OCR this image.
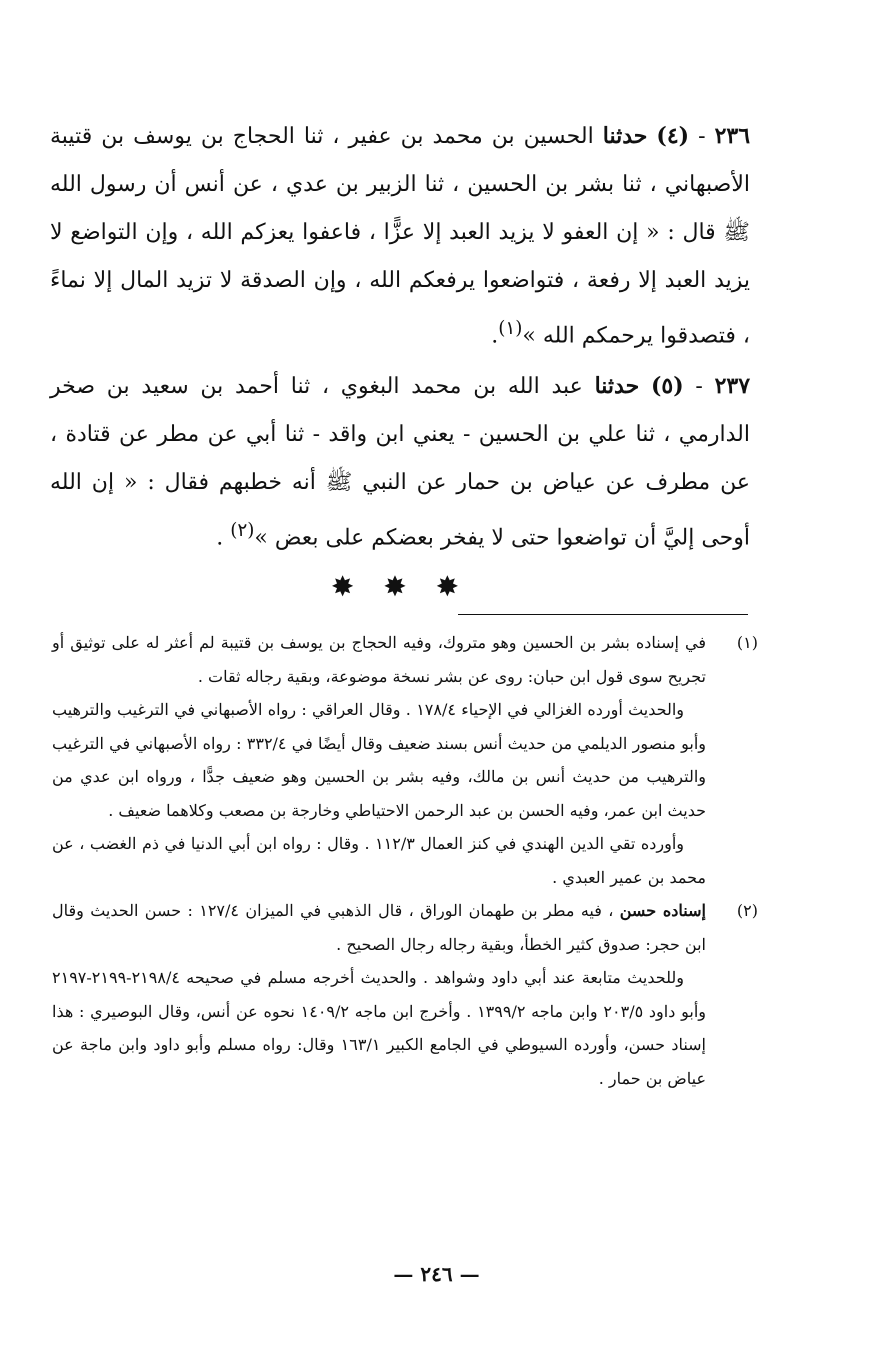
٢٣٦ - (٤) حدثنا الحسين بن محمد بن عفير ، ثنا الحجاج بن يوسف بن قتيبة الأصبهاني ، ثنا بشر بن الحسين ، ثنا الزبير بن عدي ، عن أنس أن رسول الله ﷺ قال : « إن العفو لا يزيد العبد إلا عزًّا ، فاعفوا يعزكم الله ، وإن التواضع لا يزيد العبد إلا رفعة ، فتواضعوا يرفعكم الله ، وإن الصدقة لا تزيد المال إلا نماءً ، فتصدقوا يرحمكم الله »$^{(١)}$.

٢٣٧ - (٥) حدثنا عبد الله بن محمد البغوي ، ثنا أحمد بن سعيد بن صخر الدارمي ، ثنا علي بن الحسين - يعني ابن واقد - ثنا أبي عن مطر عن قتادة ، عن مطرف عن عياض بن حمار عن النبي ﷺ أنه خطبهم فقال : « إن الله أوحى إليَّ أن تواضعوا حتى لا يفخر بعضكم على بعض »$^{(٢)}$ .

✸ ✸ ✸
(١)

في إسناده بشر بن الحسين وهو متروك، وفيه الحجاج بن يوسف بن قتيبة لم أعثر له على توثيق أو تجريح سوى قول ابن حبان: روى عن بشر نسخة موضوعة، وبقية رجاله ثقات .

والحديث أورده الغزالي في الإحياء ١٧٨/٤ . وقال العراقي : رواه الأصبهاني في الترغيب والترهيب وأبو منصور الديلمي من حديث أنس بسند ضعيف وقال أيضًا في ٣٣٢/٤ : رواه الأصبهاني في الترغيب والترهيب من حديث أنس بن مالك، وفيه بشر بن الحسين وهو ضعيف جدًّا ، ورواه ابن عدي من حديث ابن عمر، وفيه الحسن بن عبد الرحمن الاحتياطي وخارجة بن مصعب وكلاهما ضعيف .

وأورده تقي الدين الهندي في كنز العمال ١١٢/٣ . وقال : رواه ابن أبي الدنيا في ذم الغضب ، عن محمد بن عمير العبدي .

(٢)

إسناده حسن ، فيه مطر بن طهمان الوراق ، قال الذهبي في الميزان ١٢٧/٤ : حسن الحديث وقال ابن حجر: صدوق كثير الخطأ، وبقية رجاله رجال الصحيح .

وللحديث متابعة عند أبي داود وشواهد . والحديث أخرجه مسلم في صحيحه ٢١٩٨/٤-٢١٩٩-٢١٩٧ وأبو داود ٢٠٣/٥ وابن ماجه ١٣٩٩/٢ . وأخرج ابن ماجه ١٤٠٩/٢ نحوه عن أنس، وقال البوصيري : هذا إسناد حسن، وأورده السيوطي في الجامع الكبير ١٦٣/١ وقال: رواه مسلم وأبو داود وابن ماجة عن عياض بن حمار .

— ٢٤٦ —
